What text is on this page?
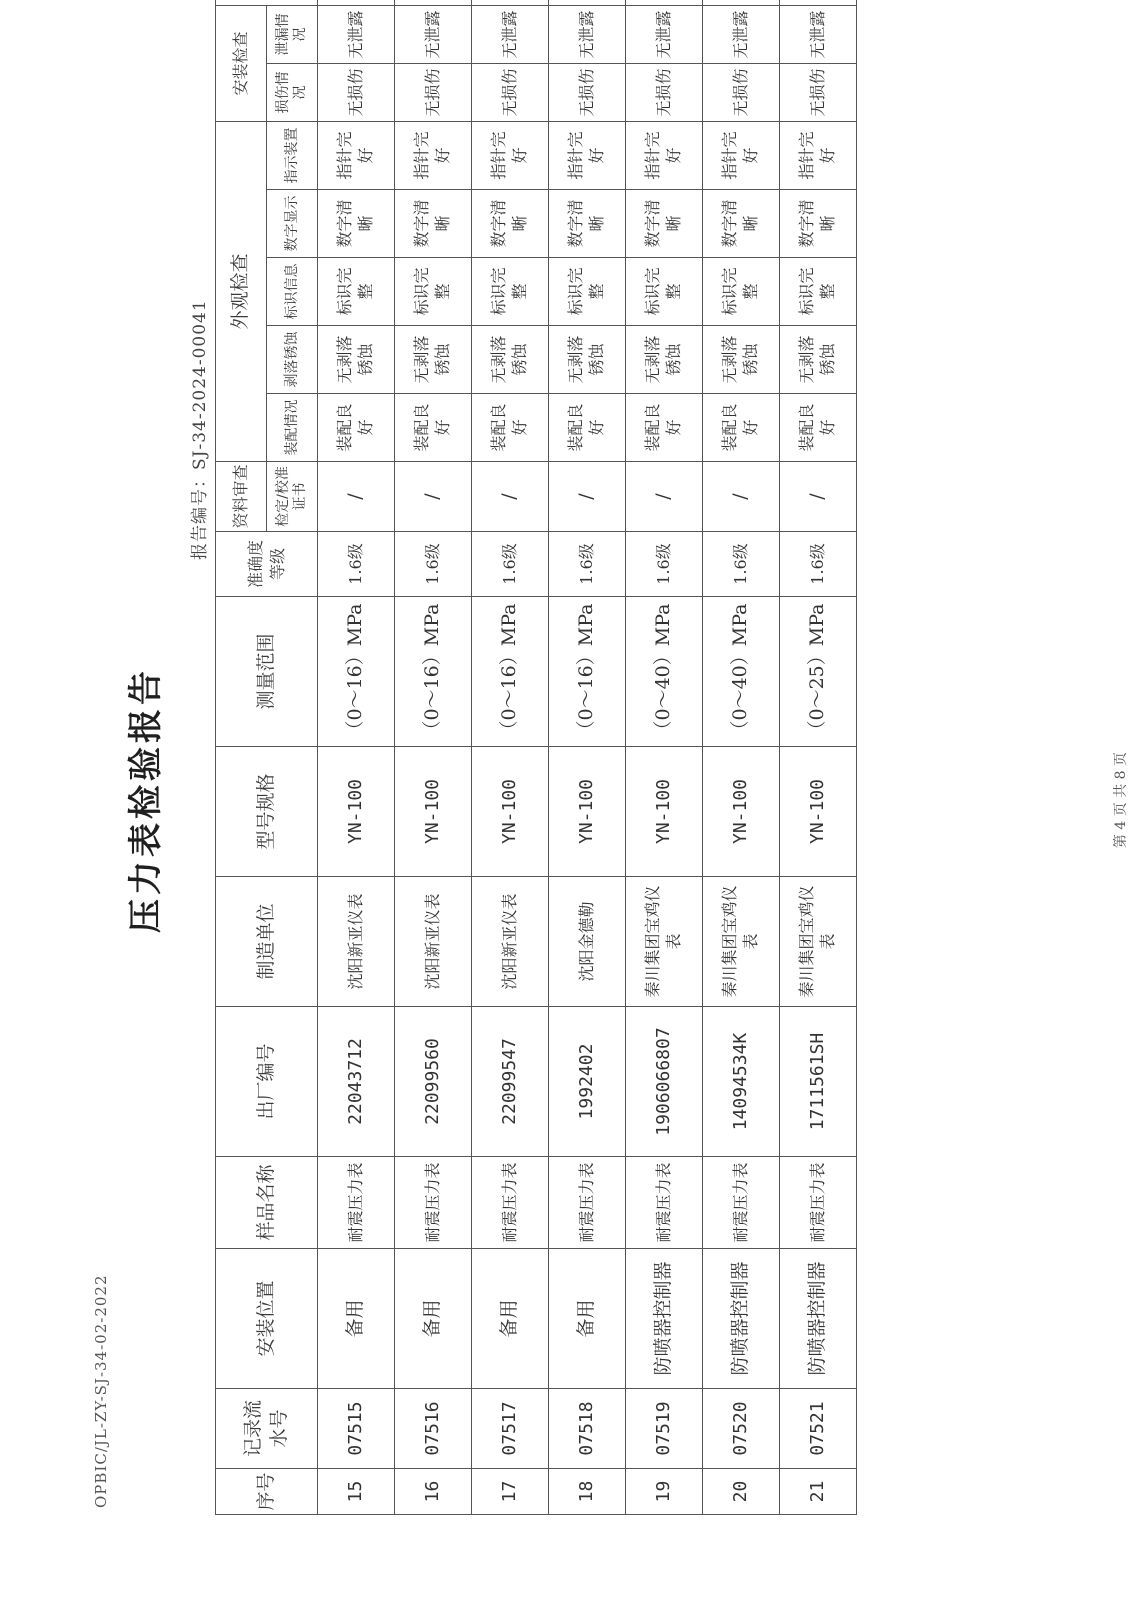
OPBIC/JL-ZY-SJ-34-02-2022
压力表检验报告
报告编号：SJ-34-2024-00041
序号	记录流水号	安装位置	样品名称	出厂编号	制造单位	型号规格	测量范围	准确度等级	资料审查	外观检查					安装检查		
									检定/校准证书	装配情况	剥落锈蚀	标识信息	数字显示	指示装置	损伤情况	泄漏情况		
15	07515	备用	耐震压力表	22043712	沈阳新亚仪表	YN-100	（0～16）MPa	1.6级	/	装配良好	无剥落锈蚀	标识完整	数字清晰	指针完好	无损伤	无泄露		
16	07516	备用	耐震压力表	22099560	沈阳新亚仪表	YN-100	（0～16）MPa	1.6级	/	装配良好	无剥落锈蚀	标识完整	数字清晰	指针完好	无损伤	无泄露		
17	07517	备用	耐震压力表	22099547	沈阳新亚仪表	YN-100	（0～16）MPa	1.6级	/	装配良好	无剥落锈蚀	标识完整	数字清晰	指针完好	无损伤	无泄露		
18	07518	备用	耐震压力表	1992402	沈阳金德勒	YN-100	（0～16）MPa	1.6级	/	装配良好	无剥落锈蚀	标识完整	数字清晰	指针完好	无损伤	无泄露		
19	07519	防喷器控制器	耐震压力表	1906066807	秦川集团宝鸡仪表	YN-100	（0～40）MPa	1.6级	/	装配良好	无剥落锈蚀	标识完整	数字清晰	指针完好	无损伤	无泄露		
20	07520	防喷器控制器	耐震压力表	14094534K	秦川集团宝鸡仪表	YN-100	（0～40）MPa	1.6级	/	装配良好	无剥落锈蚀	标识完整	数字清晰	指针完好	无损伤	无泄露		
21	07521	防喷器控制器	耐震压力表	1711561SH	秦川集团宝鸡仪表	YN-100	（0～25）MPa	1.6级	/	装配良好	无剥落锈蚀	标识完整	数字清晰	指针完好	无损伤	无泄露		
第 4 页 共 8 页
